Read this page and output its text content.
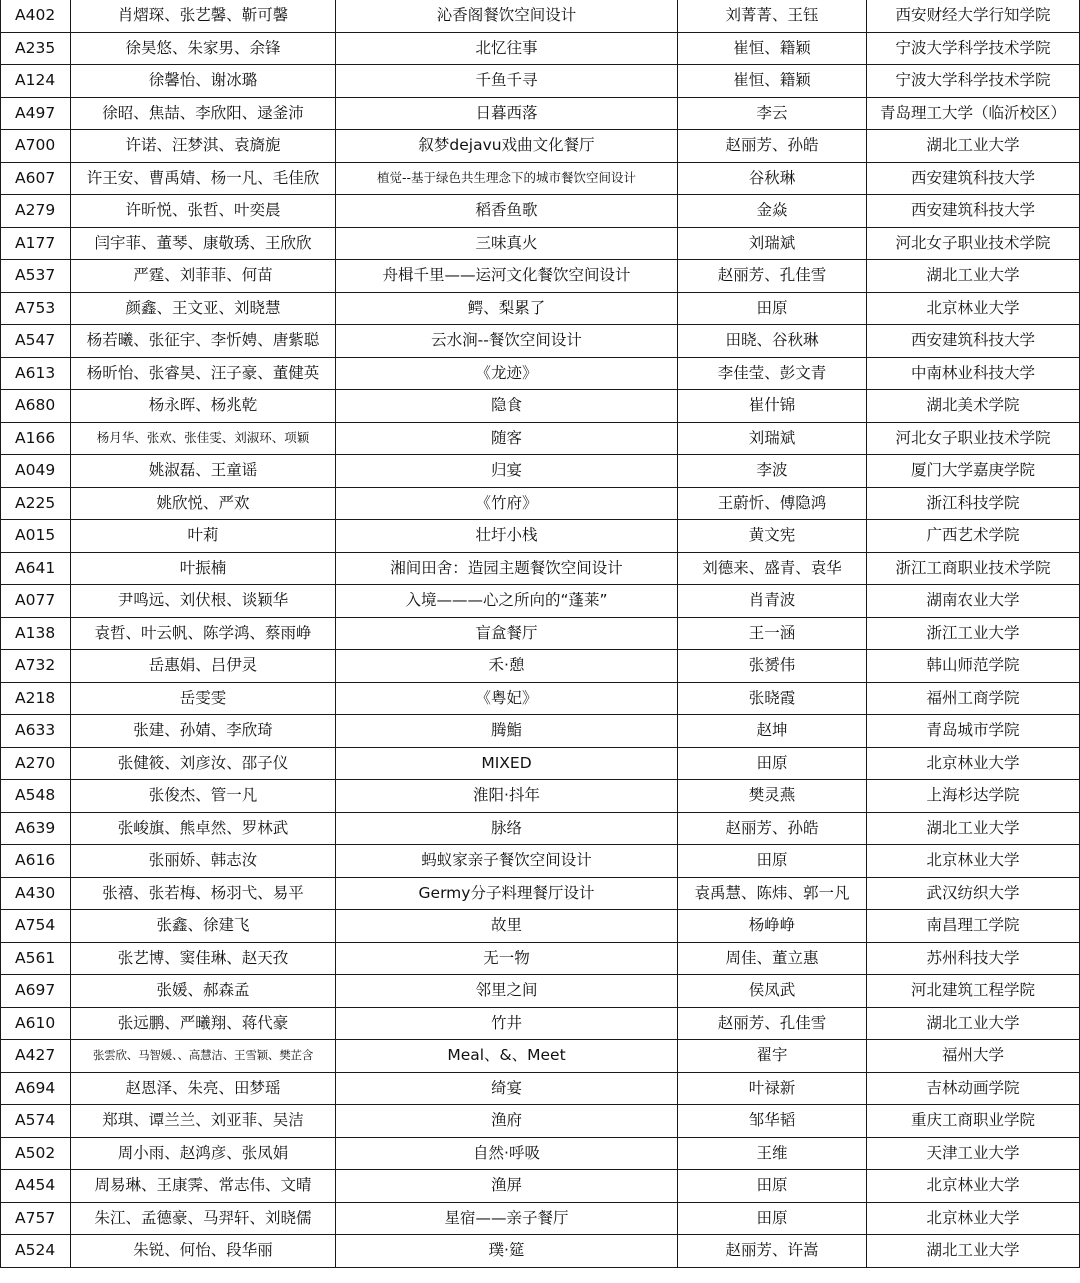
A402	肖熠琛、张艺馨、靳可馨	沁香阁餐饮空间设计	刘菁菁、王钰	西安财经大学行知学院
A235	徐昊悠、朱家男、余锋	北忆往事	崔恒、籍颖	宁波大学科学技术学院
A124	徐馨怡、谢冰璐	千鱼千寻	崔恒、籍颖	宁波大学科学技术学院
A497	徐昭、焦喆、李欣阳、逯釜沛	日暮西落	李云	青岛理工大学（临沂校区）
A700	许诺、汪梦淇、袁旖旎	叙梦dejavu戏曲文化餐厅	赵丽芳、孙皓	湖北工业大学
A607	许王安、曹禹婧、杨一凡、毛佳欣	植觉--基于绿色共生理念下的城市餐饮空间设计	谷秋琳	西安建筑科技大学
A279	许昕悦、张哲、叶奕晨	稻香鱼歌	金焱	西安建筑科技大学
A177	闫宇菲、董琴、康敬琇、王欣欣	三味真火	刘瑞斌	河北女子职业技术学院
A537	严霆、刘菲菲、何苗	舟楫千里——运河文化餐饮空间设计	赵丽芳、孔佳雪	湖北工业大学
A753	颜鑫、王文亚、刘晓慧	鳄、梨累了	田原	北京林业大学
A547	杨若曦、张征宇、李忻娉、唐紫聪	云水涧--餐饮空间设计	田晓、谷秋琳	西安建筑科技大学
A613	杨昕怡、张睿昊、汪子豪、董健英	《龙迹》	李佳莹、彭文青	中南林业科技大学
A680	杨永晖、杨兆乾	隐食	崔什锦	湖北美术学院
A166	杨月华、张欢、张佳雯、刘淑环、项颖	随客	刘瑞斌	河北女子职业技术学院
A049	姚淑磊、王童谣	归宴	李波	厦门大学嘉庚学院
A225	姚欣悦、严欢	《竹府》	王蔚忻、傅隐鸿	浙江科技学院
A015	叶莉	壮圩小栈	黄文宪	广西艺术学院
A641	叶振楠	湘间田舍：造园主题餐饮空间设计	刘德来、盛青、袁华	浙江工商职业技术学院
A077	尹鸣远、刘伏根、谈颖华	入境———心之所向的“蓬莱”	肖青波	湖南农业大学
A138	袁哲、叶云帆、陈学鸿、蔡雨峥	盲盒餐厅	王一涵	浙江工业大学
A732	岳惠娟、吕伊灵	禾·憩	张赟伟	韩山师范学院
A218	岳雯雯	《粤妃》	张晓霞	福州工商学院
A633	张建、孙婧、李欣琦	腾鮨	赵坤	青岛城市学院
A270	张健筱、刘彦汝、邵子仪	MIXED	田原	北京林业大学
A548	张俊杰、管一凡	淮阳·抖年	樊灵燕	上海杉达学院
A639	张峻旗、熊卓然、罗林武	脉络	赵丽芳、孙皓	湖北工业大学
A616	张丽娇、韩志汝	蚂蚁家亲子餐饮空间设计	田原	北京林业大学
A430	张禧、张若梅、杨羽弋、易平	Germy分子料理餐厅设计	袁禹慧、陈炜、郭一凡	武汉纺织大学
A754	张鑫、徐建飞	故里	杨峥峥	南昌理工学院
A561	张艺博、窦佳琳、赵天孜	无一物	周佳、董立惠	苏州科技大学
A697	张媛、郝森孟	邻里之间	侯凤武	河北建筑工程学院
A610	张远鹏、严曦翔、蒋代豪	竹井	赵丽芳、孔佳雪	湖北工业大学
A427	张雲欣、马智媛、、高慧洁、王雪颖、樊芷含	Meal、&、Meet	翟宇	福州大学
A694	赵恩泽、朱亮、田梦瑶	绮宴	叶禄新	吉林动画学院
A574	郑琪、谭兰兰、刘亚菲、吴洁	渔府	邹华韬	重庆工商职业学院
A502	周小雨、赵鸿彦、张凤娟	自然·呼吸	王维	天津工业大学
A454	周易琳、王康霁、常志伟、文晴	渔屏	田原	北京林业大学
A757	朱江、孟德豪、马羿轩、刘晓儒	星宿——亲子餐厅	田原	北京林业大学
A524	朱锐、何怡、段华丽	璞·筵	赵丽芳、许嵩	湖北工业大学
